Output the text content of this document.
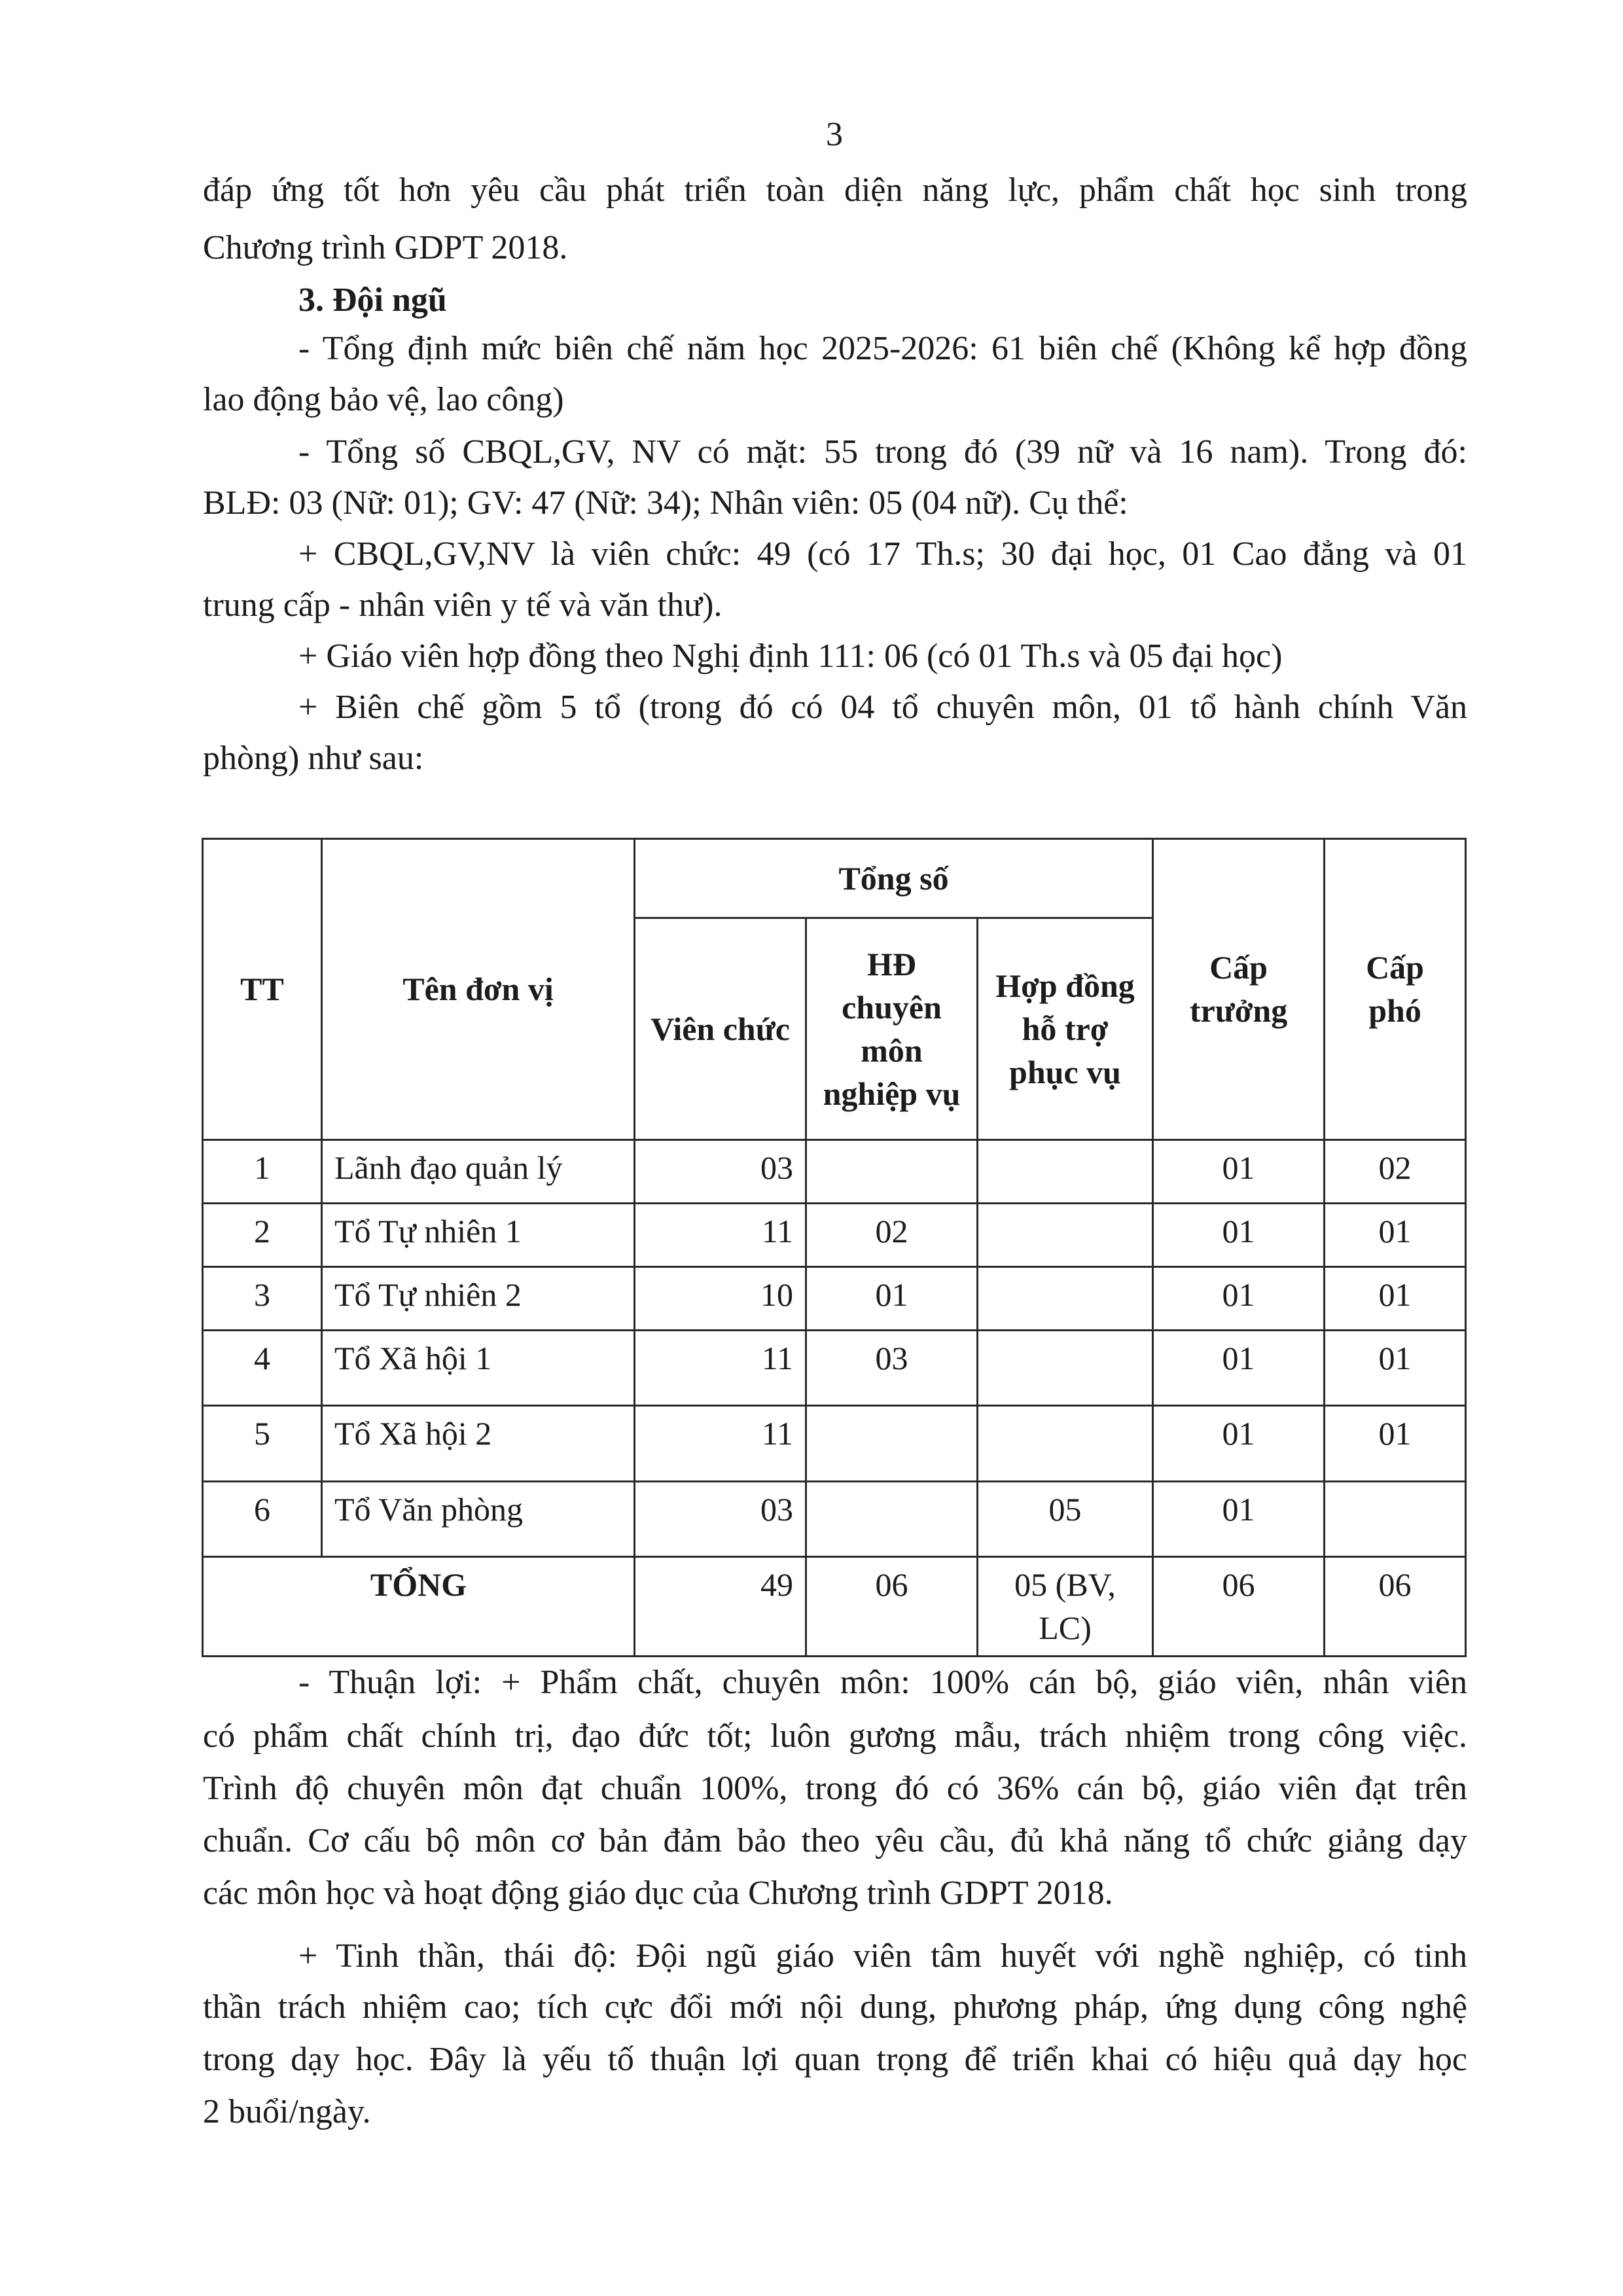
3
đáp ứng tốt hơn yêu cầu phát triển toàn diện năng lực, phẩm chất học sinh trong
Chương trình GDPT 2018.
3. Đội ngũ
- Tổng định mức biên chế năm học 2025-2026: 61 biên chế (Không kể hợp đồng
lao động bảo vệ, lao công)
- Tổng số CBQL,GV, NV có mặt: 55 trong đó (39 nữ và 16 nam). Trong đó:
BLĐ: 03 (Nữ: 01); GV: 47 (Nữ: 34); Nhân viên: 05 (04 nữ). Cụ thể:
+ CBQL,GV,NV là viên chức: 49 (có 17 Th.s; 30 đại học, 01 Cao đẳng và 01
trung cấp - nhân viên y tế và văn thư).
+ Giáo viên hợp đồng theo Nghị định 111: 06 (có 01 Th.s và 05 đại học)
+ Biên chế gồm 5 tổ (trong đó có 04 tổ chuyên môn, 01 tổ hành chính Văn
phòng) như sau:
TT	Tên đơn vị	Tổng số			Cấp trưởng	Cấp phó
		Viên chức	HĐ chuyên môn nghiệp vụ	Hợp đồng hỗ trợ phục vụ		
1	Lãnh đạo quản lý	03			01	02
2	Tổ Tự nhiên 1	11	02		01	01
3	Tổ Tự nhiên 2	10	01		01	01
4	Tổ Xã hội 1	11	03		01	01
5	Tổ Xã hội 2	11			01	01
6	Tổ Văn phòng	03		05	01	
TỔNG		49	06	05 (BV, LC)	06	06
- Thuận lợi: + Phẩm chất, chuyên môn: 100% cán bộ, giáo viên, nhân viên
có phẩm chất chính trị, đạo đức tốt; luôn gương mẫu, trách nhiệm trong công việc.
Trình độ chuyên môn đạt chuẩn 100%, trong đó có 36% cán bộ, giáo viên đạt trên
chuẩn. Cơ cấu bộ môn cơ bản đảm bảo theo yêu cầu, đủ khả năng tổ chức giảng dạy
các môn học và hoạt động giáo dục của Chương trình GDPT 2018.
+ Tinh thần, thái độ: Đội ngũ giáo viên tâm huyết với nghề nghiệp, có tinh
thần trách nhiệm cao; tích cực đổi mới nội dung, phương pháp, ứng dụng công nghệ
trong dạy học. Đây là yếu tố thuận lợi quan trọng để triển khai có hiệu quả dạy học
2 buổi/ngày.
